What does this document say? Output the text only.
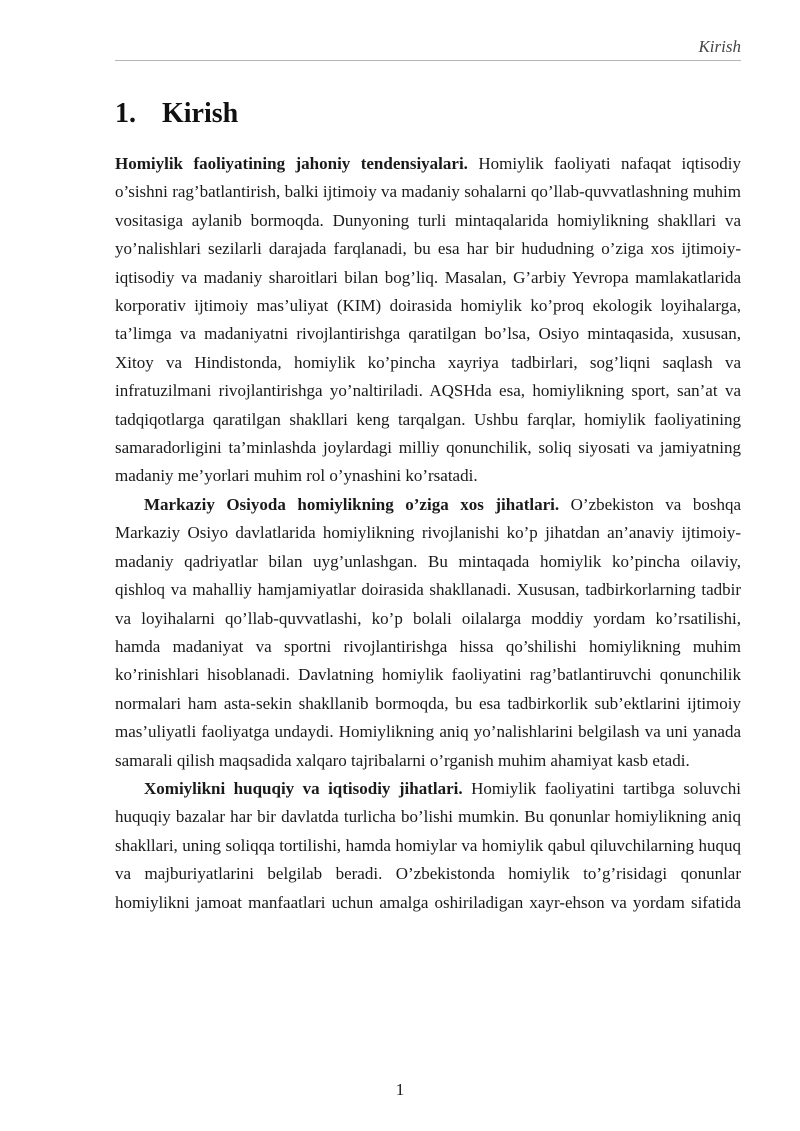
Kirish
1. Kirish

Homiylik faoliyatining jahoniy tendensiyalari. Homiylik faoliyati nafaqat iqtisodiy o’sishni rag’batlantirish, balki ijtimoiy va madaniy sohalarni qo’llab-quvvatlashning muhim vositasiga aylanib bormoqda. Dunyoning turli mintaqalarida homiylikning shakllari va yo’nalishlari sezilarli darajada farqlanadi, bu esa har bir hududning o’ziga xos ijtimoiy-iqtisodiy va madaniy sharoitlari bilan bog’liq. Masalan, G’arbiy Yevropa mamlakatlarida korporativ ijtimoiy mas’uliyat (KIM) doirasida homiylik ko’proq ekologik loyihalarga, ta’limga va madaniyatni rivojlantirishga qaratilgan bo’lsa, Osiyo mintaqasida, xususan, Xitoy va Hindistonda, homiylik ko’pincha xayriya tadbirlari, sog’liqni saqlash va infratuzilmani rivojlantirishga yo’naltiriladi. AQSHda esa, homiylikning sport, san’at va tadqiqotlarga qaratilgan shakllari keng tarqalgan. Ushbu farqlar, homiylik faoliyatining samaradorligini ta’minlashda joylardagi milliy qonunchilik, soliq siyosati va jamiyatning madaniy me’yorlari muhim rol o’ynashini ko’rsatadi.

Markaziy Osiyoda homiylikning o’ziga xos jihatlari. O’zbekiston va boshqa Markaziy Osiyo davlatlarida homiylikning rivojlanishi ko’p jihatdan an’anaviy ijtimoiy-madaniy qadriyatlar bilan uyg’unlashgan. Bu mintaqada homiylik ko’pincha oilaviy, qishloq va mahalliy hamjamiyatlar doirasida shakllanadi. Xususan, tadbirkorlarning tadbir va loyihalarni qo’llab-quvvatlashi, ko’p bolali oilalarga moddiy yordam ko’rsatilishi, hamda madaniyat va sportni rivojlantirishga hissa qo’shilishi homiylikning muhim ko’rinishlari hisoblanadi. Davlatning homiylik faoliyatini rag’batlantiruvchi qonunchilik normalari ham asta-sekin shakllanib bormoqda, bu esa tadbirkorlik sub’ektlarini ijtimoiy mas’uliyatli faoliyatga undaydi. Homiylikning aniq yo’nalishlarini belgilash va uni yanada samarali qilish maqsadida xalqaro tajribalarni o’rganish muhim ahamiyat kasb etadi.

Xomiylikni huquqiy va iqtisodiy jihatlari. Homiylik faoliyatini tartibga soluvchi huquqiy bazalar har bir davlatda turlicha bo’lishi mumkin. Bu qonunlar homiylikning aniq shakllari, uning soliqqa tortilishi, hamda homiylar va homiylik qabul qiluvchilarning huquq va majburiyatlarini belgilab beradi. O’zbekistonda homiylik to’g’risidagi qonunlar homiylikni jamoat manfaatlari uchun amalga oshiriladigan xayr-ehson va yordam sifatida

1
